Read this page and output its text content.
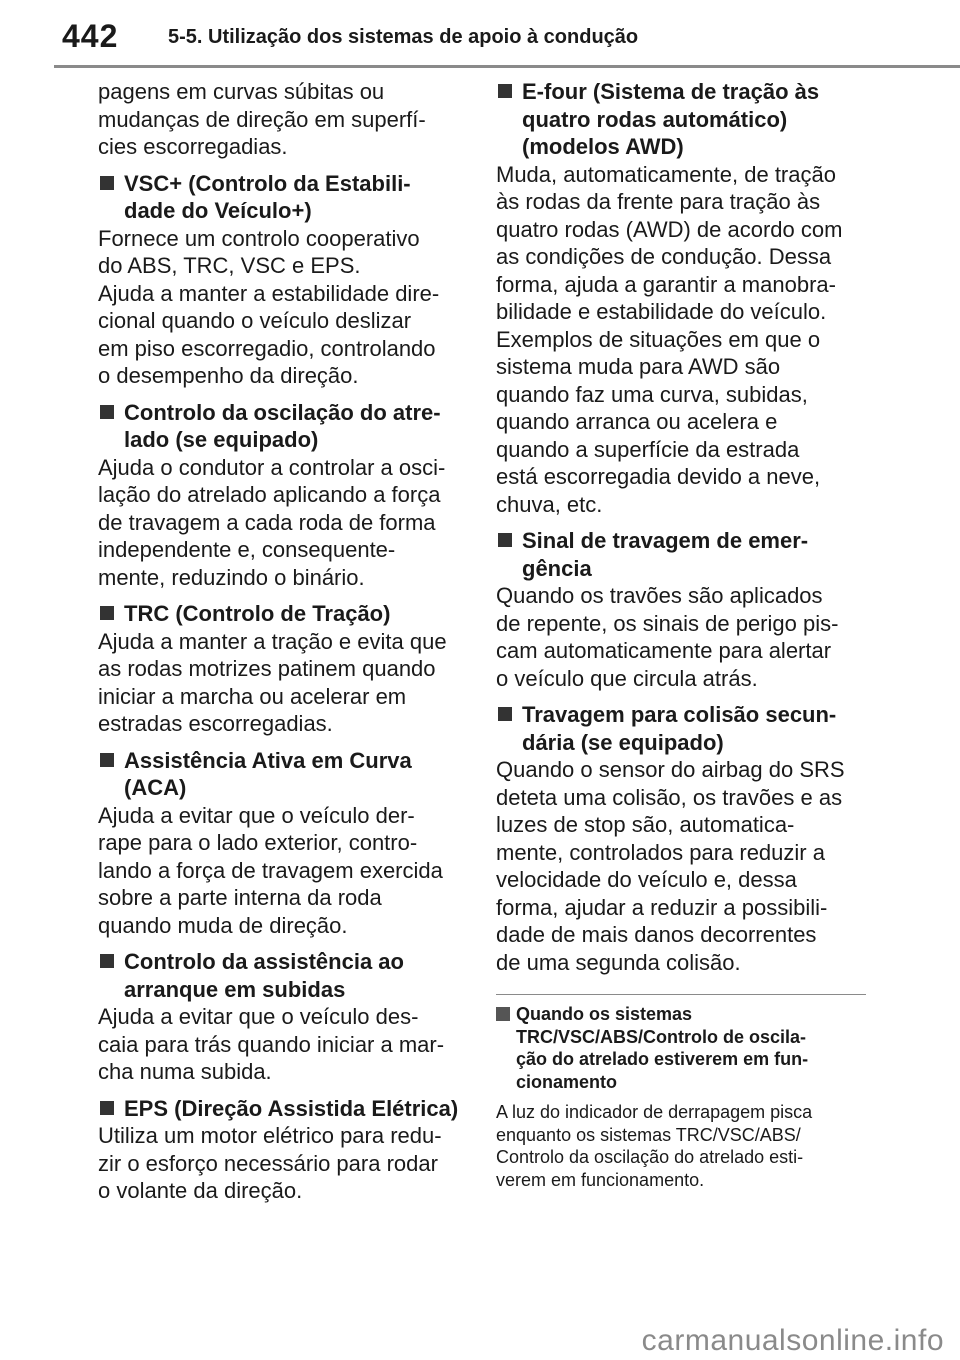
442 5-5. Utilização dos sistemas de apoio à condução
pagens em curvas súbitas ou
mudanças de direção em superfí-
cies escorregadias.
VSC+ (Controlo da Estabili-
dade do Veículo+)
Fornece um controlo cooperativo
do ABS, TRC, VSC e EPS.
Ajuda a manter a estabilidade dire-
cional quando o veículo deslizar
em piso escorregadio, controlando
o desempenho da direção.
Controlo da oscilação do atre-
lado (se equipado)
Ajuda o condutor a controlar a osci-
lação do atrelado aplicando a força
de travagem a cada roda de forma
independente e, consequente-
mente, reduzindo o binário.
TRC (Controlo de Tração)
Ajuda a manter a tração e evita que
as rodas motrizes patinem quando
iniciar a marcha ou acelerar em
estradas escorregadias.
Assistência Ativa em Curva
(ACA)
Ajuda a evitar que o veículo der-
rape para o lado exterior, contro-
lando a força de travagem exercida
sobre a parte interna da roda
quando muda de direção.
Controlo da assistência ao
arranque em subidas
Ajuda a evitar que o veículo des-
caia para trás quando iniciar a mar-
cha numa subida.
EPS (Direção Assistida Elétrica)
Utiliza um motor elétrico para redu-
zir o esforço necessário para rodar
o volante da direção.
E-four (Sistema de tração às
quatro rodas automático)
(modelos AWD)
Muda, automaticamente, de tração
às rodas da frente para tração às
quatro rodas (AWD) de acordo com
as condições de condução. Dessa
forma, ajuda a garantir a manobra-
bilidade e estabilidade do veículo.
Exemplos de situações em que o
sistema muda para AWD são
quando faz uma curva, subidas,
quando arranca ou acelera e
quando a superfície da estrada
está escorregadia devido a neve,
chuva, etc.
Sinal de travagem de emer-
gência
Quando os travões são aplicados
de repente, os sinais de perigo pis-
cam automaticamente para alertar
o veículo que circula atrás.
Travagem para colisão secun-
dária (se equipado)
Quando o sensor do airbag do SRS
deteta uma colisão, os travões e as
luzes de stop são, automatica-
mente, controlados para reduzir a
velocidade do veículo e, dessa
forma, ajudar a reduzir a possibili-
dade de mais danos decorrentes
de uma segunda colisão.
Quando os sistemas
TRC/VSC/ABS/Controlo de oscila-
ção do atrelado estiverem em fun-
cionamento
A luz do indicador de derrapagem pisca
enquanto os sistemas TRC/VSC/ABS/
Controlo da oscilação do atrelado esti-
verem em funcionamento.
carmanualsonline.info
